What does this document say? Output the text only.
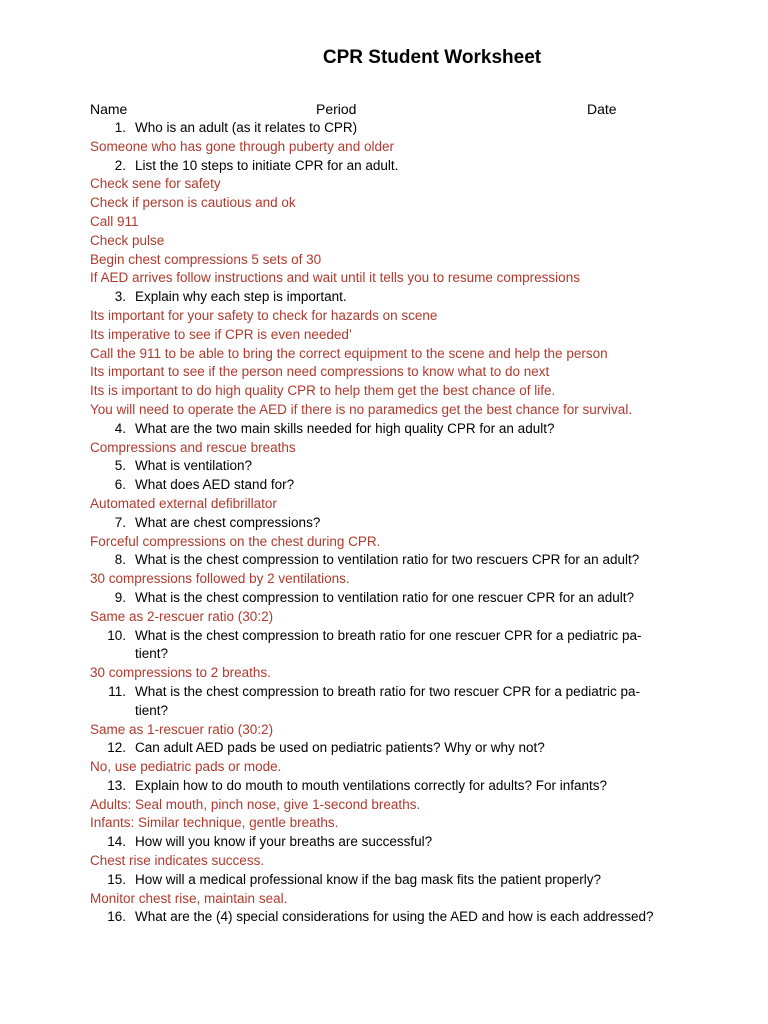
CPR Student Worksheet
Name	Period	Date
1. Who is an adult (as it relates to CPR)
Someone who has gone through puberty and older
2. List the 10 steps to initiate CPR for an adult.
Check sene for safety
Check if person is cautious and ok
Call 911
Check pulse
Begin chest compressions 5 sets of 30
If AED arrives follow instructions and wait until it tells you to resume compressions
3. Explain why each step is important.
Its important for your safety to check for hazards on scene
Its imperative to see if CPR is even needed’
Call the 911 to be able to bring the correct equipment to the scene and help the person
Its important to see if the person need compressions to know what to do next
Its is important to do high quality CPR to help them get the best chance of life.
You will need to operate the AED if there is no paramedics get the best chance for survival.
4. What are the two main skills needed for high quality CPR for an adult?
Compressions and rescue breaths
5. What is ventilation?
6. What does AED stand for?
Automated external defibrillator
7. What are chest compressions?
Forceful compressions on the chest during CPR.
8. What is the chest compression to ventilation ratio for two rescuers CPR for an adult?
30 compressions followed by 2 ventilations.
9. What is the chest compression to ventilation ratio for one rescuer CPR for an adult?
Same as 2-rescuer ratio (30:2)
10. What is the chest compression to breath ratio for one rescuer CPR for a pediatric pa-
tient?
30 compressions to 2 breaths.
11. What is the chest compression to breath ratio for two rescuer CPR for a pediatric pa-
tient?
Same as 1-rescuer ratio (30:2)
12. Can adult AED pads be used on pediatric patients? Why or why not?
No, use pediatric pads or mode.
13. Explain how to do mouth to mouth ventilations correctly for adults? For infants?
Adults: Seal mouth, pinch nose, give 1-second breaths.
Infants: Similar technique, gentle breaths.
14. How will you know if your breaths are successful?
Chest rise indicates success.
15. How will a medical professional know if the bag mask fits the patient properly?
Monitor chest rise, maintain seal.
16. What are the (4) special considerations for using the AED and how is each addressed?
